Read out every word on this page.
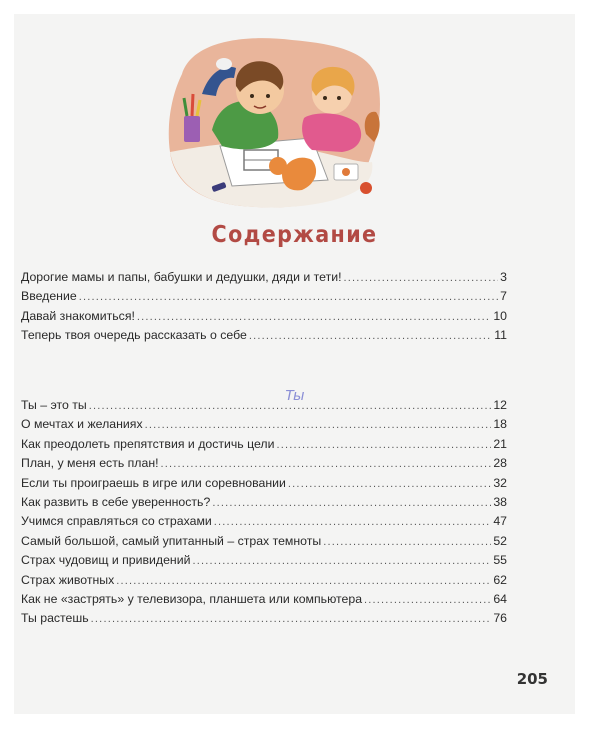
Содержание
Дорогие мамы и папы, бабушки и дедушки, дяди и тети! .....	3
Введение .....	7
Давай знакомиться! .....	10
Теперь твоя очередь рассказать о себе .....	11
Ты
Ты – это ты .....	12
О мечтах и желаниях .....	18
Как преодолеть препятствия и достичь цели .....	21
План, у меня есть план! .....	28
Если ты проиграешь в игре или соревновании .....	32
Как развить в себе уверенность? .....	38
Учимся справляться со страхами .....	47
Самый большой, самый упитанный – страх темноты .....	52
Страх чудовищ и привидений .....	55
Страх животных .....	62
Как не «застрять» у телевизора, планшета или компьютера .....	64
Ты растешь .....	76
205
